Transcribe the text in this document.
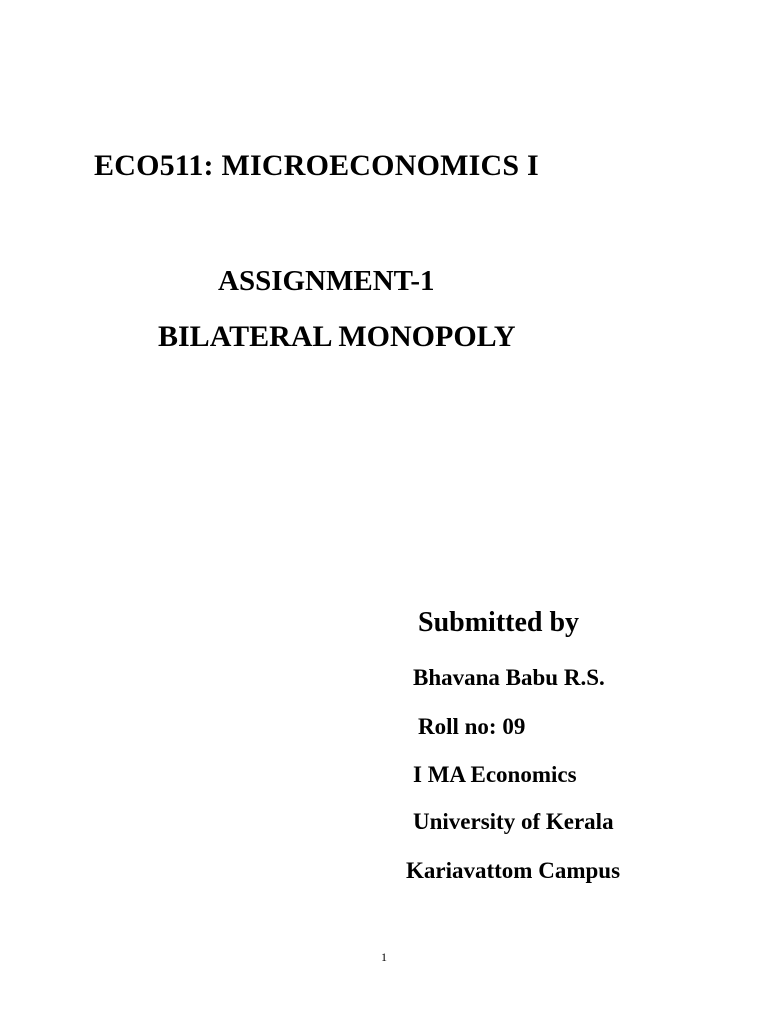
ECO511: MICROECONOMICS I
ASSIGNMENT-1
BILATERAL MONOPOLY
Submitted by
Bhavana Babu R.S.
Roll no: 09
I MA Economics
University of Kerala
Kariavattom Campus
1
